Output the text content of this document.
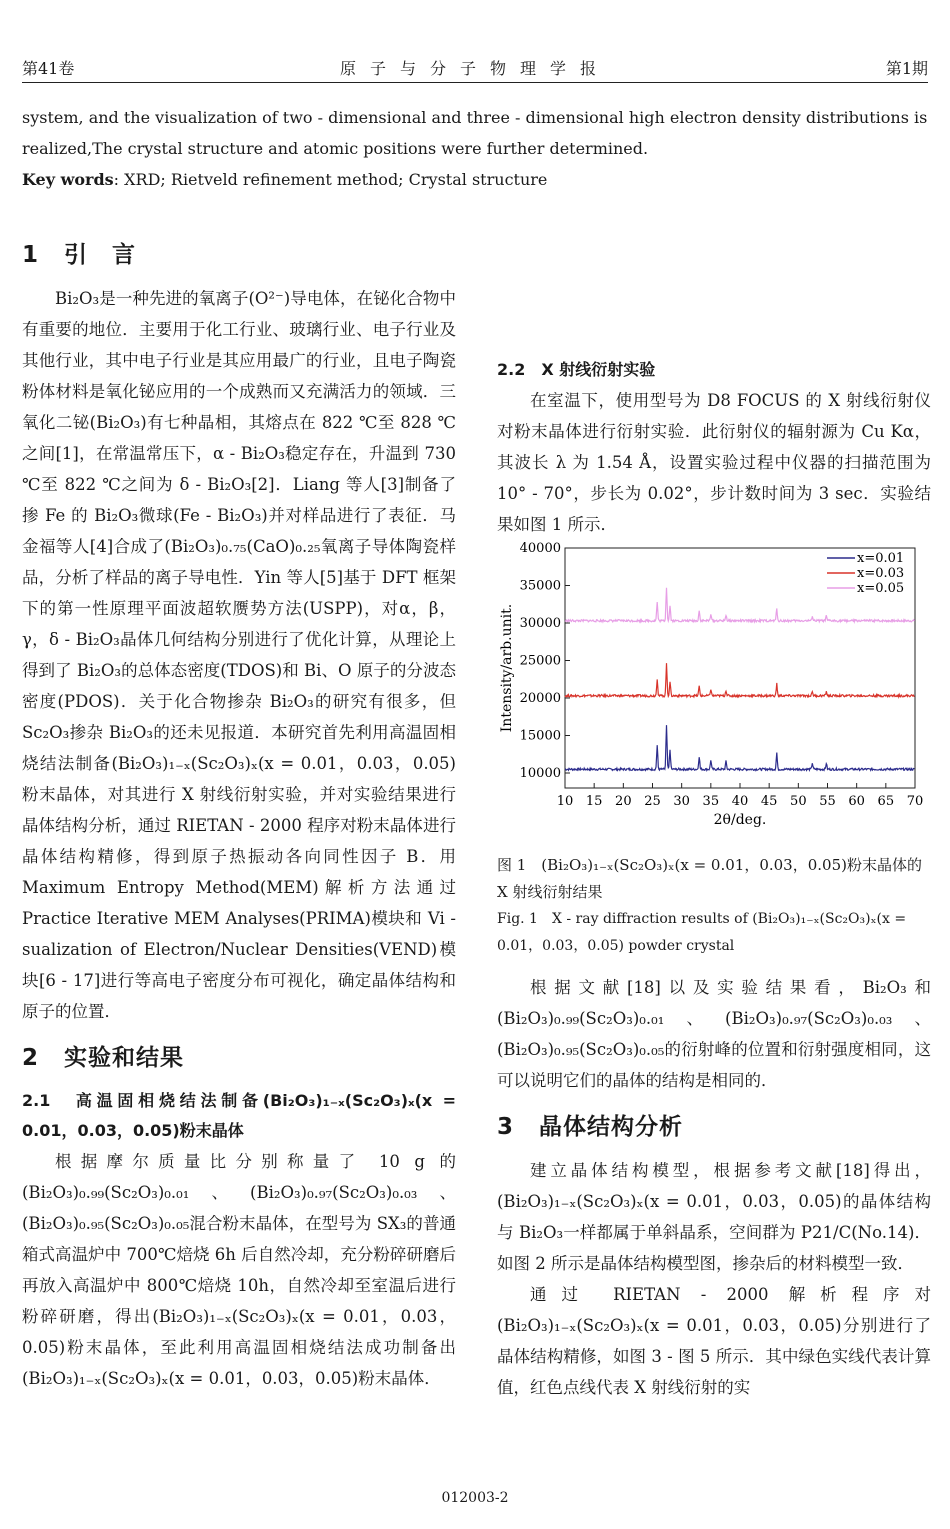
第41卷	原子与分子物理学报	第1期
system, and the visualization of two - dimensional and three - dimensional high electron density distributions is
realized,The crystal structure and atomic positions were further determined.
Key words: XRD; Rietveld refinement method; Crystal structure
1 引　言

Bi₂O₃是一种先进的氧离子(O²⁻)导电体，在铋化合物中有重要的地位．主要用于化工行业、玻璃行业、电子行业及其他行业，其中电子行业是其应用最广的行业，且电子陶瓷粉体材料是氧化铋应用的一个成熟而又充满活力的领域．三氧化二铋(Bi₂O₃)有七种晶相，其熔点在 822 ℃至 828 ℃之间[1]，在常温常压下，α - Bi₂O₃稳定存在，升温到 730 ℃至 822 ℃之间为 δ - Bi₂O₃[2]．Liang 等人[3]制备了掺 Fe 的 Bi₂O₃微球(Fe - Bi₂O₃)并对样品进行了表征．马金福等人[4]合成了(Bi₂O₃)₀.₇₅(CaO)₀.₂₅氧离子导体陶瓷样品，分析了样品的离子导电性．Yin 等人[5]基于 DFT 框架下的第一性原理平面波超软赝势方法(USPP)，对α，β，γ，δ - Bi₂O₃晶体几何结构分别进行了优化计算，从理论上得到了 Bi₂O₃的总体态密度(TDOS)和 Bi、O 原子的分波态密度(PDOS)．关于化合物掺杂 Bi₂O₃的研究有很多，但 Sc₂O₃掺杂 Bi₂O₃的还未见报道．本研究首先利用高温固相烧结法制备(Bi₂O₃)₁₋ₓ(Sc₂O₃)ₓ(x = 0.01，0.03，0.05)粉末晶体，对其进行 X 射线衍射实验，并对实验结果进行晶体结构分析，通过 RIETAN - 2000 程序对粉末晶体进行晶体结构精修，得到原子热振动各向同性因子 B．用 Maximum Entropy Method(MEM)解析方法通过 Practice Iterative MEM Analyses(PRIMA)模块和 Vi - sualization of Electron/Nuclear Densities(VEND)模块[6 - 17]进行等高电子密度分布可视化，确定晶体结构和原子的位置．

2 实验和结果

2.1　高温固相烧结法制备(Bi₂O₃)₁₋ₓ(Sc₂O₃)ₓ(x = 0.01，0.03，0.05)粉末晶体

根据摩尔质量比分别称量了 10 g 的(Bi₂O₃)₀.₉₉(Sc₂O₃)₀.₀₁、(Bi₂O₃)₀.₉₇(Sc₂O₃)₀.₀₃、(Bi₂O₃)₀.₉₅(Sc₂O₃)₀.₀₅混合粉末晶体，在型号为 SX₃的普通箱式高温炉中 700℃焙烧 6h 后自然冷却，充分粉碎研磨后再放入高温炉中 800℃焙烧 10h，自然冷却至室温后进行粉碎研磨，得出(Bi₂O₃)₁₋ₓ(Sc₂O₃)ₓ(x = 0.01，0.03，0.05)粉末晶体，至此利用高温固相烧结法成功制备出(Bi₂O₃)₁₋ₓ(Sc₂O₃)ₓ(x = 0.01，0.03，0.05)粉末晶体．

2.2　X 射线衍射实验

在室温下，使用型号为 D8 FOCUS 的 X 射线衍射仪对粉末晶体进行衍射实验．此衍射仪的辐射源为 Cu Kα，其波长 λ 为 1.54 Å，设置实验过程中仪器的扫描范围为 10° - 70°，步长为 0.02°，步计数时间为 3 sec．实验结果如图 1 所示．

10 15 20 25 30 35 40 45 50 55 60 65 70
10000
15000
20000
25000
30000
35000
40000
2θ/deg.
Intensity/arb.unit.
x=0.01
x=0.03
x=0.05
图 1　(Bi₂O₃)₁₋ₓ(Sc₂O₃)ₓ(x = 0.01，0.03，0.05)粉末晶体的 X 射线衍射结果
Fig. 1　X - ray diffraction results of (Bi₂O₃)₁₋ₓ(Sc₂O₃)ₓ(x = 0.01，0.03，0.05) powder crystal

根据文献[18]以及实验结果看，Bi₂O₃和(Bi₂O₃)₀.₉₉(Sc₂O₃)₀.₀₁、(Bi₂O₃)₀.₉₇(Sc₂O₃)₀.₀₃、(Bi₂O₃)₀.₉₅(Sc₂O₃)₀.₀₅的衍射峰的位置和衍射强度相同，这可以说明它们的晶体的结构是相同的．

3 晶体结构分析

建立晶体结构模型，根据参考文献[18]得出，(Bi₂O₃)₁₋ₓ(Sc₂O₃)ₓ(x = 0.01，0.03，0.05)的晶体结构与 Bi₂O₃一样都属于单斜晶系，空间群为 P21/C(No.14)．如图 2 所示是晶体结构模型图，掺杂后的材料模型一致．

通过 RIETAN - 2000 解析程序对(Bi₂O₃)₁₋ₓ(Sc₂O₃)ₓ(x = 0.01，0.03，0.05)分别进行了晶体结构精修，如图 3 - 图 5 所示．其中绿色实线代表计算值，红色点线代表 X 射线衍射的实

012003-2
